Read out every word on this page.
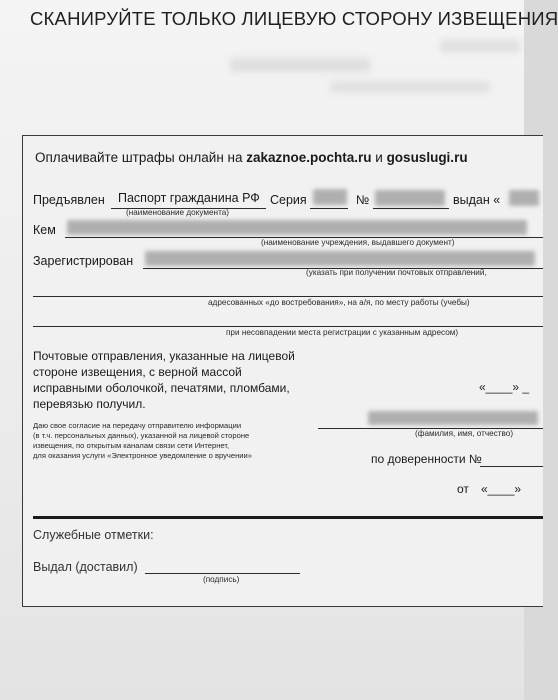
СКАНИРУЙТЕ ТОЛЬКО ЛИЦЕВУЮ СТОРОНУ ИЗВЕЩЕНИЯ
Оплачивайте штрафы онлайн на zakaznoe.pochta.ru и gosuslugi.ru
Предъявлен Паспорт гражданина РФ
(наименование документа)
Серия	№	выдан «
Кем
(наименование учреждения, выдавшего документ)
Зарегистрирован
(указать при получении почтовых отправлений,
адресованных «до востребования», на а/я, по месту работы (учебы)
при несовпадении места регистрации с указанным адресом)
Почтовые отправления, указанные на лицевой
стороне извещения, с верной массой
исправными оболочкой, печатями, пломбами,
перевязью получил.
«____» _
Даю свое согласие на передачу отправителю информации
(в т.ч. персональных данных), указанной на лицевой стороне
извещения, по открытым каналам связи сети Интернет,
для оказания услуги «Электронное уведомление о вручении»
(фамилия, имя, отчество)
по доверенности №
от «____»
Служебные отметки:
Выдал (доставил)
(подпись)
